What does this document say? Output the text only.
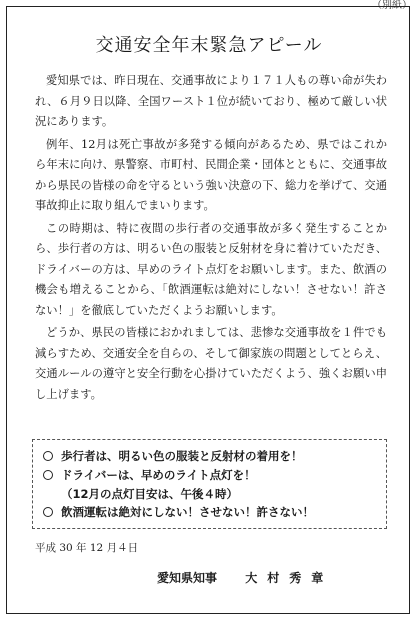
（別紙）
交通安全年末緊急アピール

愛知県では、昨日現在、交通事故により１７１人もの尊い命が失われ、６月９日以降、全国ワースト１位が続いており、極めて厳しい状況にあります。

例年、12月は死亡事故が多発する傾向があるため、県ではこれから年末に向け、県警察、市町村、民間企業・団体とともに、交通事故から県民の皆様の命を守るという強い決意の下、総力を挙げて、交通事故抑止に取り組んでまいります。

この時期は、特に夜間の歩行者の交通事故が多く発生することから、歩行者の方は、明るい色の服装と反射材を身に着けていただき、ドライバーの方は、早めのライト点灯をお願いします。また、飲酒の機会も増えることから、「飲酒運転は絶対にしない！させない！許さない！」を徹底していただくようお願いします。

どうか、県民の皆様におかれましては、悲惨な交通事故を１件でも減らすため、交通安全を自らの、そして御家族の問題としてとらえ、交通ルールの遵守と安全行動を心掛けていただくよう、強くお願い申し上げます。

歩行者は、明るい色の服装と反射材の着用を！
ドライバーは、早めのライト点灯を！
（12月の点灯目安は、午後４時）
飲酒運転は絶対にしない！させない！許さない！
平成 30 年 12 月４日
愛知県知事 大村秀章
